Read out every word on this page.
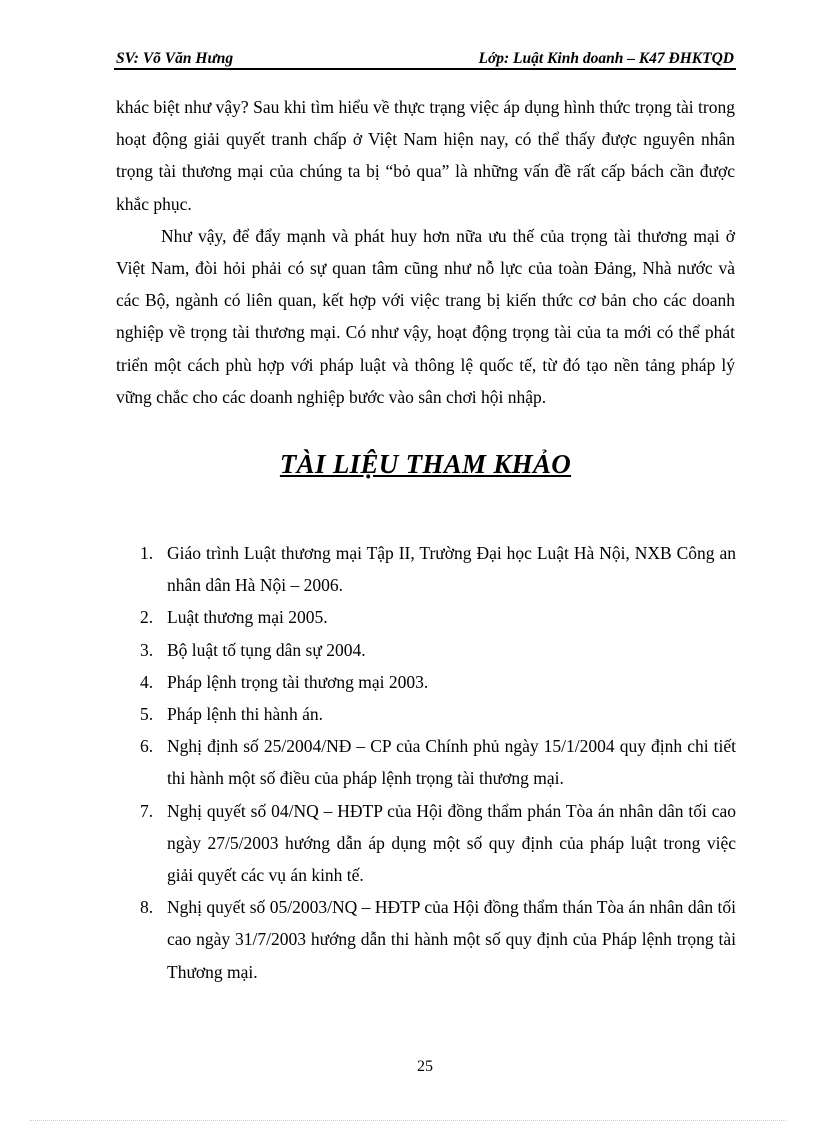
SV: Võ Văn Hưng	Lớp: Luật Kinh doanh – K47 ĐHKTQD

khác biệt như vậy? Sau khi tìm hiểu về thực trạng việc áp dụng hình thức trọng tài trong hoạt động giải quyết tranh chấp ở Việt Nam hiện nay, có thể thấy được nguyên nhân trọng tài thương mại của chúng ta bị “bỏ qua” là những vấn đề rất cấp bách cần được khắc phục.

Như vậy, để đẩy mạnh và phát huy hơn nữa ưu thế của trọng tài thương mại ở Việt Nam, đòi hỏi phải có sự quan tâm cũng như nỗ lực của toàn Đảng, Nhà nước và các Bộ, ngành có liên quan, kết hợp với việc trang bị kiến thức cơ bản cho các doanh nghiệp về trọng tài thương mại. Có như vậy, hoạt động trọng tài của ta mới có thể phát triển một cách phù hợp với pháp luật và thông lệ quốc tế, từ đó tạo nền tảng pháp lý vững chắc cho các doanh nghiệp bước vào sân chơi hội nhập.

TÀI LIỆU THAM KHẢO
1. Giáo trình Luật thương mại Tập II, Trường Đại học Luật Hà Nội, NXB Công an nhân dân Hà Nội – 2006.
2. Luật thương mại 2005.
3. Bộ luật tố tụng dân sự 2004.
4. Pháp lệnh trọng tài thương mại 2003.
5. Pháp lệnh thi hành án.
6. Nghị định số 25/2004/NĐ – CP của Chính phủ ngày 15/1/2004 quy định chi tiết thi hành một số điều của pháp lệnh trọng tài thương mại.
7. Nghị quyết số 04/NQ – HĐTP của Hội đồng thẩm phán Tòa án nhân dân tối cao ngày 27/5/2003 hướng dẫn áp dụng một số quy định của pháp luật trong việc giải quyết các vụ án kinh tế.
8. Nghị quyết số 05/2003/NQ – HĐTP của Hội đồng thẩm thán Tòa án nhân dân tối cao ngày 31/7/2003 hướng dẫn thi hành một số quy định của Pháp lệnh trọng tài Thương mại.
25
